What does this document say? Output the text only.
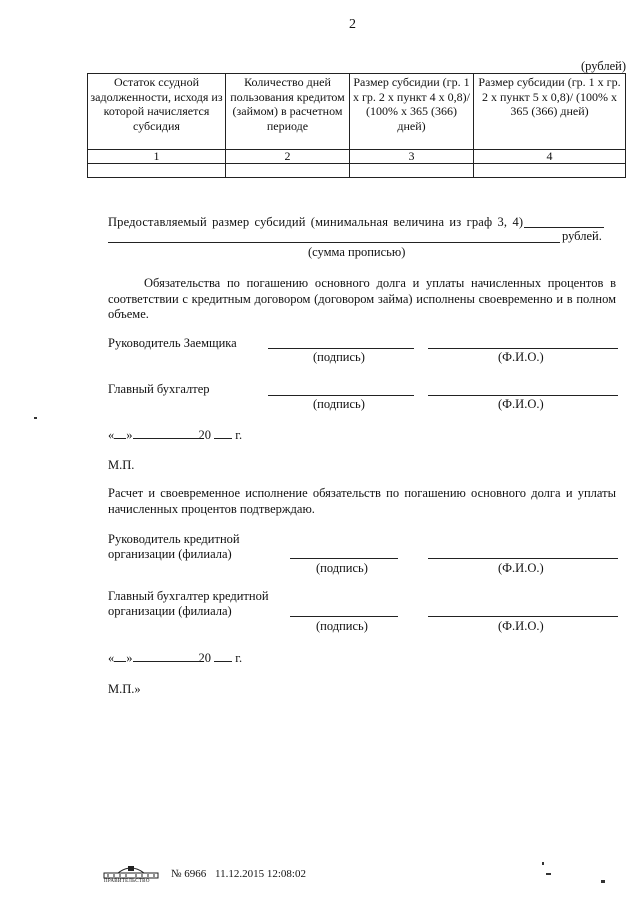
2
(рублей)
Остаток ссудной задолженности, исходя из которой начисляется субсидия	Количество дней пользования кредитом (займом) в расчетном периоде	Размер субсидии (гр. 1 х гр. 2 х пункт 4 х 0,8)/ (100% х 365 (366) дней)	Размер субсидии (гр. 1 х гр. 2 х пункт 5 х 0,8)/ (100% х 365 (366) дней)
1	2	3	4

Предоставляемый размер субсидий (минимальная величина из граф 3, 4)
рублей.
(сумма прописью)
Обязательства по погашению основного долга и уплаты начисленных процентов в соответствии с кредитным договором (договором займа) исполнены своевременно и в полном объеме.
Руководитель Заемщика
(подпись)	(Ф.И.О.)
Главный бухгалтер
(подпись)	(Ф.И.О.)
« »	20 г.
М.П.
Расчет и своевременное исполнение обязательств по погашению основного долга и уплаты начисленных процентов подтверждаю.
Руководитель кредитной
организации (филиала)
(подпись)	(Ф.И.О.)
Главный бухгалтер кредитной
организации (филиала)
(подпись)	(Ф.И.О.)
« »	20 г.
М.П.»
ПРАВИТЕЛЬСТВО
№ 6966 11.12.2015 12:08:02
